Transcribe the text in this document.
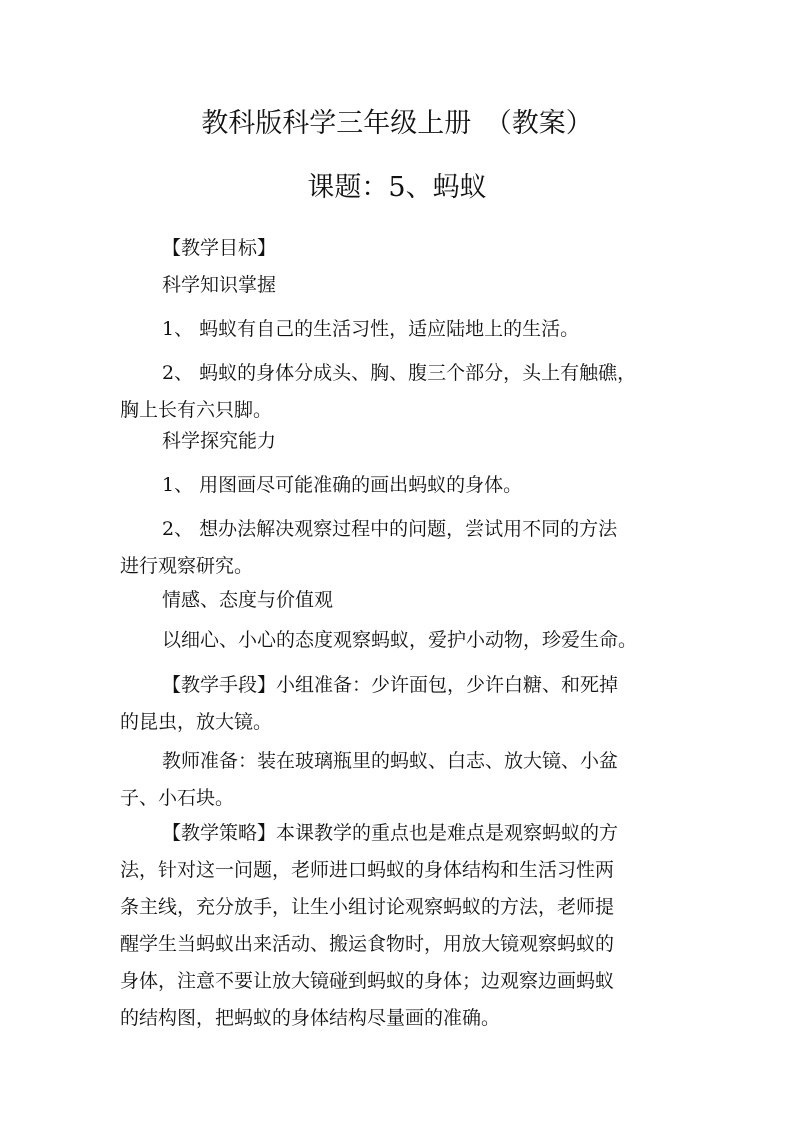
教科版科学三年级上册　（教案）
课题：5、蚂蚁
【教学目标】
科学知识掌握
1、 蚂蚁有自己的生活习性，适应陆地上的生活。
2、 蚂蚁的身体分成头、胸、腹三个部分，头上有触礁，
胸上长有六只脚。
科学探究能力
1、 用图画尽可能准确的画出蚂蚁的身体。
2、 想办法解决观察过程中的问题，尝试用不同的方法
进行观察研究。
情感、态度与价值观
以细心、小心的态度观察蚂蚁，爱护小动物，珍爱生命。
【教学手段】小组准备：少许面包，少许白糖、和死掉
的昆虫，放大镜。
教师准备：装在玻璃瓶里的蚂蚁、白志、放大镜、小盆
子、小石块。
【教学策略】本课教学的重点也是难点是观察蚂蚁的方
法，针对这一问题，老师进口蚂蚁的身体结构和生活习性两
条主线，充分放手，让生小组讨论观察蚂蚁的方法，老师提
醒学生当蚂蚁出来活动、搬运食物时，用放大镜观察蚂蚁的
身体，注意不要让放大镜碰到蚂蚁的身体；边观察边画蚂蚁
的结构图，把蚂蚁的身体结构尽量画的准确。
